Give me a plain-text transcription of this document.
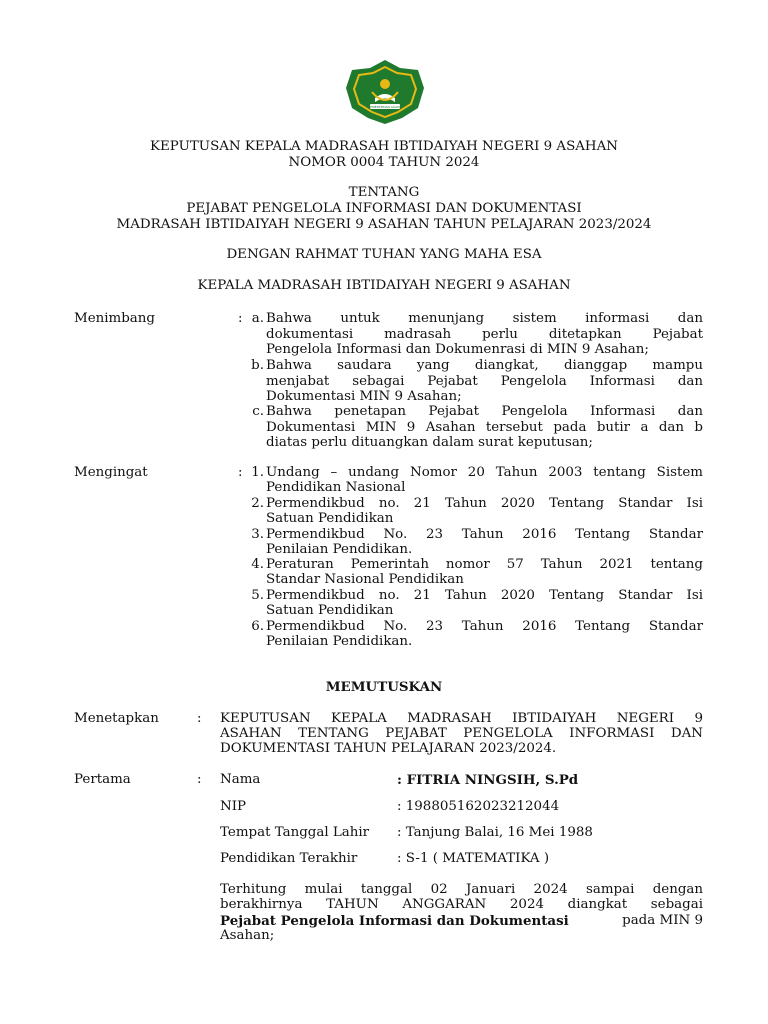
KEMENTERIAN AGAMA
KEPUTUSAN KEPALA MADRASAH IBTIDAIYAH NEGERI 9 ASAHAN
NOMOR 0004 TAHUN 2024
TENTANG
PEJABAT PENGELOLA INFORMASI DAN DOKUMENTASI
MADRASAH IBTIDAIYAH NEGERI 9 ASAHAN TAHUN PELAJARAN 2023/2024
DENGAN RAHMAT TUHAN YANG MAHA ESA
KEPALA MADRASAH IBTIDAIYAH NEGERI 9 ASAHAN
Menimbang	: a. Bahwa untuk menunjang sistem informasi dan
dokumentasi madrasah perlu ditetapkan Pejabat
Pengelola Informasi dan Dokumenrasi di MIN 9 Asahan;
b. Bahwa saudara yang diangkat, dianggap mampu
menjabat sebagai Pejabat Pengelola Informasi dan
Dokumentasi MIN 9 Asahan;
c. Bahwa penetapan Pejabat Pengelola Informasi dan
Dokumentasi MIN 9 Asahan tersebut pada butir a dan b
diatas perlu dituangkan dalam surat keputusan;
Mengingat	: 1. Undang – undang Nomor 20 Tahun 2003 tentang Sistem
Pendidikan Nasional
2. Permendikbud no. 21 Tahun 2020 Tentang Standar Isi
Satuan Pendidikan
3. Permendikbud No. 23 Tahun 2016 Tentang Standar
Penilaian Pendidikan.
4. Peraturan Pemerintah nomor 57 Tahun 2021 tentang
Standar Nasional Pendidikan
5. Permendikbud no. 21 Tahun 2020 Tentang Standar Isi
Satuan Pendidikan
6. Permendikbud No. 23 Tahun 2016 Tentang Standar
Penilaian Pendidikan.
MEMUTUSKAN
Menetapkan	: KEPUTUSAN KEPALA MADRASAH IBTIDAIYAH NEGERI 9
ASAHAN TENTANG PEJABAT PENGELOLA INFORMASI DAN
DOKUMENTASI TAHUN PELAJARAN 2023/2024.
Pertama	: Nama	: FITRIA NINGSIH, S.Pd
NIP	: 198805162023212044
Tempat Tanggal Lahir : Tanjung Balai, 16 Mei 1988
Pendidikan Terakhir	: S-1 ( MATEMATIKA )
Terhitung mulai tanggal 02 Januari 2024 sampai dengan
berakhirnya TAHUN ANGGARAN 2024 diangkat sebagai
Pejabat Pengelola Informasi dan Dokumentasi	pada MIN 9
Asahan;
